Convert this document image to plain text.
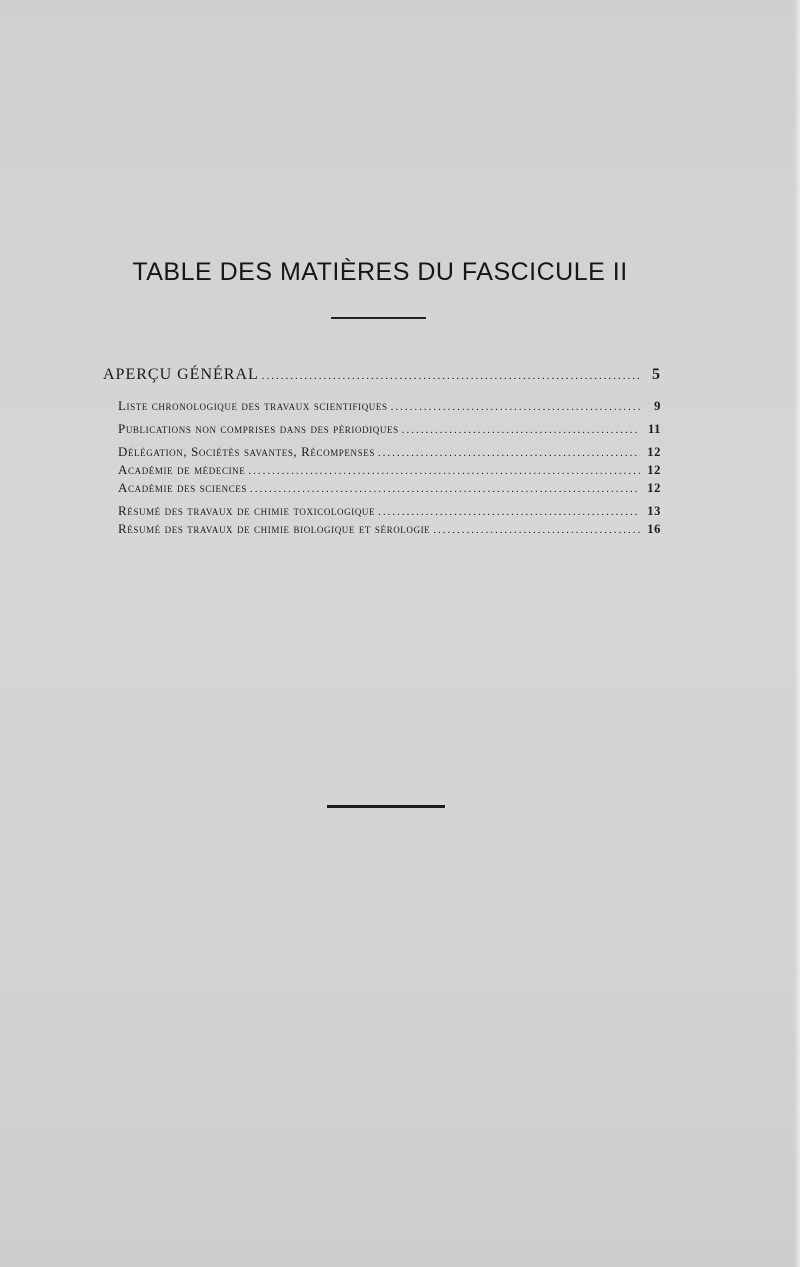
TABLE DES MATIÈRES DU FASCICULE II
APERÇU GÉNÉRAL .....	5
Liste chronologique des travaux scientifiques .....	9
Publications non comprises dans des périodiques .....	11
Délégation, Sociétés savantes, Récompenses .....	12
Académie de médecine .....	12
Académie des sciences .....	12
Résumé des travaux de chimie toxicologique .....	13
Résumé des travaux de chimie biologique et sérologie .....	16
